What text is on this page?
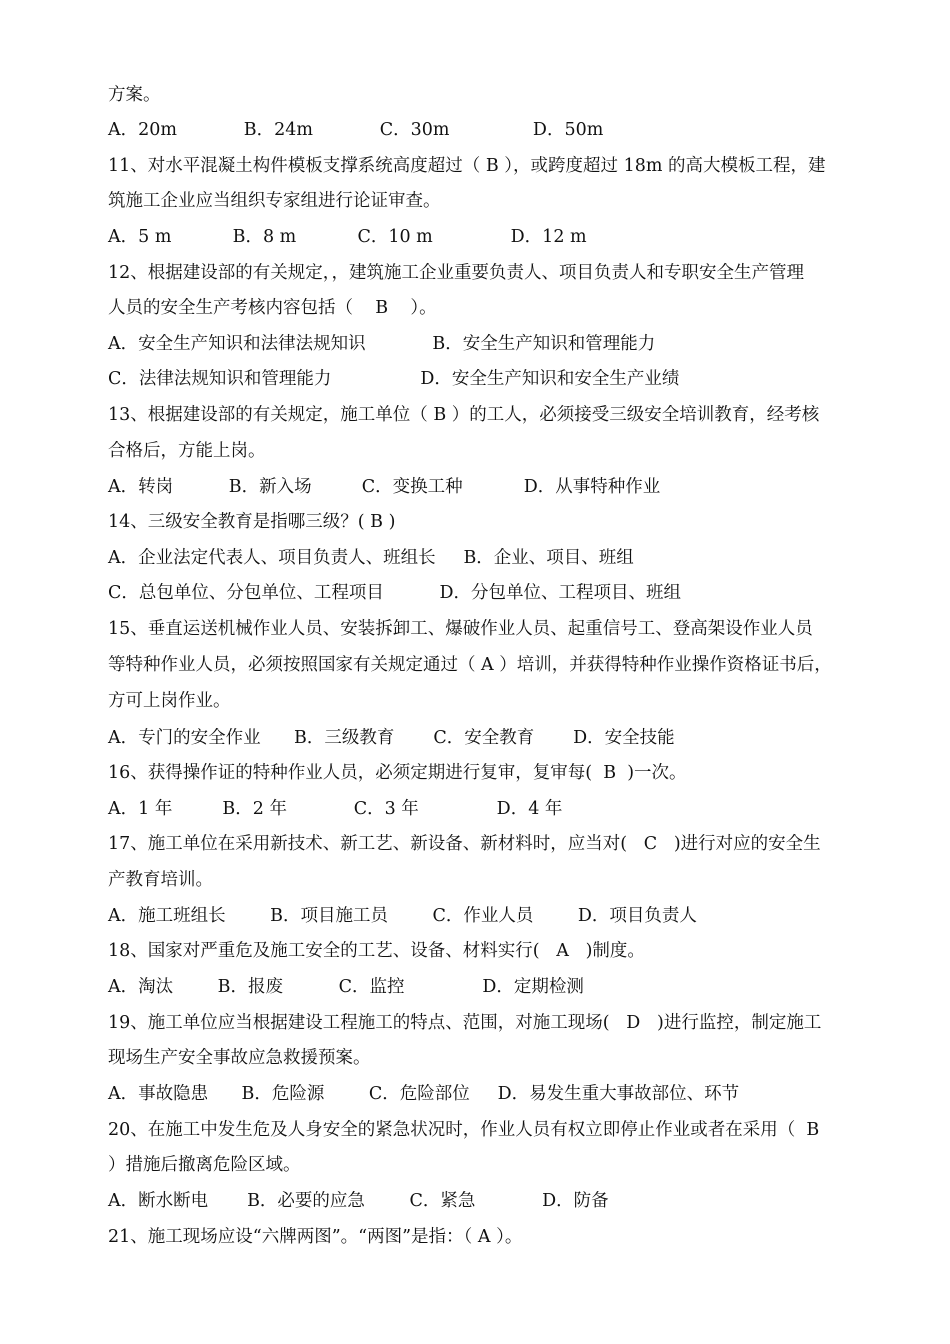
方案。
A．20m            B．24m            C．30m               D．50m
11、对水平混凝土构件模板支撑系统高度超过（ B ），或跨度超过 18m 的高大模板工程，建
筑施工企业应当组织专家组进行论证审查。
A．5 m           B．8 m           C．10 m              D．12 m
12、根据建设部的有关规定，，建筑施工企业重要负责人、项目负责人和专职安全生产管理
人员的安全生产考核内容包括（    B    ）。
A．安全生产知识和法律法规知识            B．安全生产知识和管理能力
C．法律法规知识和管理能力                D．安全生产知识和安全生产业绩
13、根据建设部的有关规定，施工单位（ B ）的工人，必须接受三级安全培训教育，经考核
合格后，方能上岗。
A．转岗          B．新入场         C．变换工种           D．从事特种作业
14、三级安全教育是指哪三级？( B )
A．企业法定代表人、项目负责人、班组长     B．企业、项目、班组
C．总包单位、分包单位、工程项目          D．分包单位、工程项目、班组
15、垂直运送机械作业人员、安装拆卸工、爆破作业人员、起重信号工、登高架设作业人员
等特种作业人员，必须按照国家有关规定通过（ A ）培训，并获得特种作业操作资格证书后，
方可上岗作业。
A．专门的安全作业      B．三级教育       C．安全教育       D．安全技能
16、获得操作证的特种作业人员，必须定期进行复审，复审每(  B  )一次。
A．1 年         B．2 年            C．3 年              D．4 年
17、施工单位在采用新技术、新工艺、新设备、新材料时，应当对(   C   )进行对应的安全生
产教育培训。
A．施工班组长        B．项目施工员        C．作业人员        D．项目负责人
18、国家对严重危及施工安全的工艺、设备、材料实行(   A   )制度。
A．淘汰        B．报废          C．监控              D．定期检测
19、施工单位应当根据建设工程施工的特点、范围，对施工现场(   D   )进行监控，制定施工
现场生产安全事故应急救援预案。
A．事故隐患      B．危险源        C．危险部位     D．易发生重大事故部位、环节
20、在施工中发生危及人身安全的紧急状况时，作业人员有权立即停止作业或者在采用（  B
）措施后撤离危险区域。
A．断水断电       B．必要的应急        C．紧急            D．防备
21、施工现场应设“六牌两图”。“两图”是指：（ A ）。
